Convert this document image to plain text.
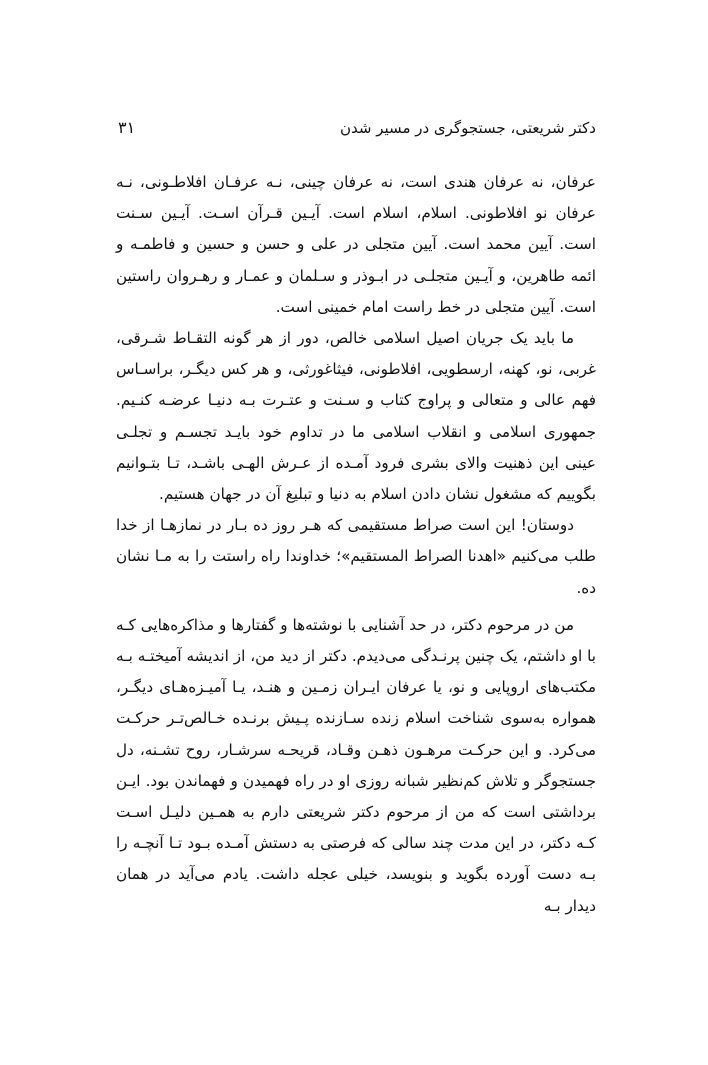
دکتر شریعتی، جستجوگری در مسیر شدن
۳۱

عرفان، نه عرفان هندی است، نه عرفان چینی، نـه عرفـان افلاطـونی، نـه عرفان نو افلاطونی. اسلام، اسلام است. آیـین قـرآن اسـت. آیـین سـنت است. آیین محمد است. آیین متجلی در علی و حسن و حسین و فاطمـه و ائمه طاهرین، و آیـین متجلـی در ابـوذر و سـلمان و عمـار و رهـروان راستین است. آیین متجلی در خط راست امام خمینی است.

ما باید یک جریان اصیل اسلامی خالص، دور از هر گونه التقـاط شـرقی، غربی، نو، کهنه، ارسطویی، افلاطونی، فیثاغورثی، و هر کس دیگـر، براسـاس فهم عالی و متعالی و پراوج کتاب و سـنت و عتـرت بـه دنیـا عرضـه کنـیم. جمهوری اسلامی و انقلاب اسلامی ما در تداوم خود بایـد تجسـم و تجلـی عینی این ذهنیت والای بشری فرود آمـده از عـرش الهـی باشـد، تـا بتـوانیم بگوییم که مشغول نشان دادن اسلام به دنیا و تبلیغ آن در جهان هستیم.

دوستان! این است صراط مستقیمی که هـر روز ده بـار در نمازهـا از خدا طلب می‌کنیم «اهدنا الصراط المستقیم»؛ خداوندا راه راستت را به مـا نشان ده.

من در مرحوم دکتر، در حد آشنایی با نوشته‌ها و گفتارها و مذاکره‌هایی کـه با او داشتم، یک چنین پرنـدگی می‌دیدم. دکتر از دید من، از اندیشه آمیختـه بـه مکتب‌های اروپایی و نو، یا عرفان ایـران زمـین و هنـد، یـا آمیـزه‌هـای دیگـر، همواره به‌سوی شناخت اسلام زنده سـازنده پـیش برنـده خـالص‌تـر حرکـت می‌کرد. و این حرکـت مرهـون ذهـن وقـاد، قریحـه سرشـار، روح تشـنه، دل جستجوگر و تلاش کم‌نظیر شبانه روزی او در راه فهمیدن و فهماندن بود. ایـن برداشتی است که من از مرحوم دکتر شریعتی دارم به همـین دلیـل اسـت کـه دکتر، در این مدت چند سالی که فرصتی به دستش آمـده بـود تـا آنچـه را بـه دست آورده بگوید و بنویسد، خیلی عجله داشت. یادم می‌آید در همان دیدار بـه
